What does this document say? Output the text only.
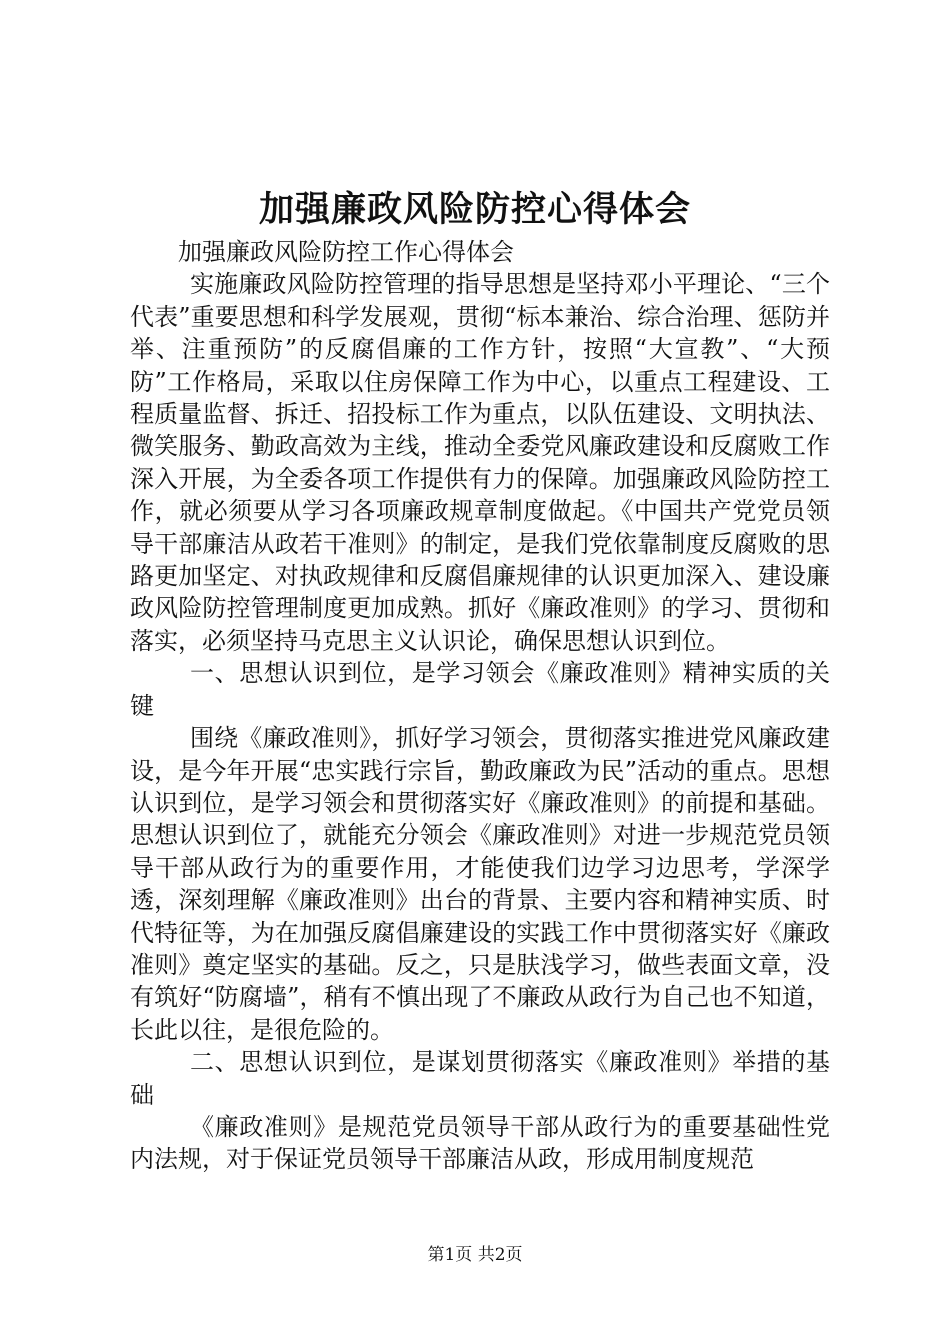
加强廉政风险防控心得体会

加强廉政风险防控工作心得体会

实施廉政风险防控管理的指导思想是坚持邓小平理论、“三个代表”重要思想和科学发展观，贯彻“标本兼治、综合治理、惩防并举、注重预防”的反腐倡廉的工作方针，按照“大宣教”、“大预防”工作格局，采取以住房保障工作为中心，以重点工程建设、工程质量监督、拆迁、招投标工作为重点，以队伍建设、文明执法、微笑服务、勤政高效为主线，推动全委党风廉政建设和反腐败工作深入开展，为全委各项工作提供有力的保障。加强廉政风险防控工作，就必须要从学习各项廉政规章制度做起。《中国共产党党员领导干部廉洁从政若干准则》的制定，是我们党依靠制度反腐败的思路更加坚定、对执政规律和反腐倡廉规律的认识更加深入、建设廉政风险防控管理制度更加成熟。抓好《廉政准则》的学习、贯彻和落实，必须坚持马克思主义认识论，确保思想认识到位。

一、思想认识到位，是学习领会《廉政准则》精神实质的关键

围绕《廉政准则》，抓好学习领会，贯彻落实推进党风廉政建设，是今年开展“忠实践行宗旨，勤政廉政为民”活动的重点。思想认识到位，是学习领会和贯彻落实好《廉政准则》的前提和基础。思想认识到位了，就能充分领会《廉政准则》对进一步规范党员领导干部从政行为的重要作用，才能使我们边学习边思考，学深学透，深刻理解《廉政准则》出台的背景、主要内容和精神实质、时代特征等，为在加强反腐倡廉建设的实践工作中贯彻落实好《廉政准则》奠定坚实的基础。反之，只是肤浅学习，做些表面文章，没有筑好“防腐墙”，稍有不慎出现了不廉政从政行为自己也不知道，长此以往，是很危险的。

二、思想认识到位，是谋划贯彻落实《廉政准则》举措的基础

《廉政准则》是规范党员领导干部从政行为的重要基础性党内法规，对于保证党员领导干部廉洁从政，形成用制度规范

第1页 共2页
